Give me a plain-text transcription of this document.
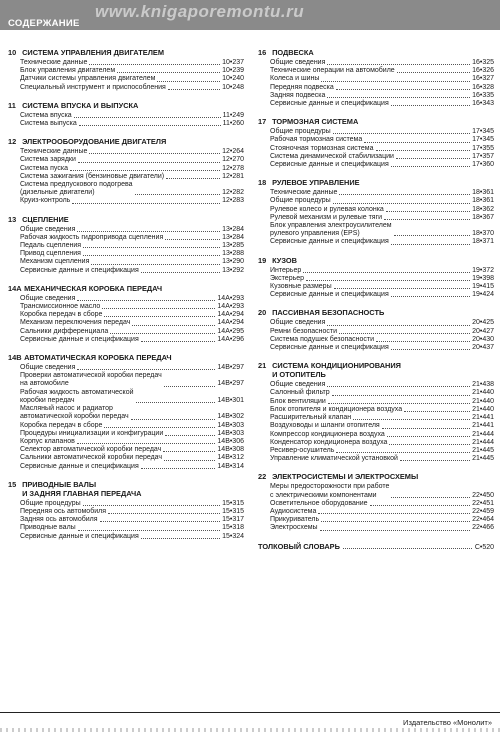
www.knigaporemontu.ru
СОДЕРЖАНИЕ
10 СИСТЕМА УПРАВЛЕНИЯ ДВИГАТЕЛЕМ
Технические данные	10•237
Блок управления двигателем	10•239
Датчики системы управления двигателем	10•240
Специальный инструмент и приспособления	10•248
11 СИСТЕМА ВПУСКА И ВЫПУСКА
Система впуска	11•249
Система выпуска	11•260
12 ЭЛЕКТРООБОРУДОВАНИЕ ДВИГАТЕЛЯ
Технические данные	12•264
Система зарядки	12•270
Система пуска	12•278
Система зажигания (бензиновые двигатели)	12•281
Система предпускового подогрева
(дизельные двигатели)	12•282
Круиз-контроль	12•283
13 СЦЕПЛЕНИЕ
Общие сведения	13•284
Рабочая жидкость гидропривода сцепления	13•284
Педаль сцепления	13•285
Привод сцепления	13•288
Механизм сцепления	13•290
Сервисные данные и спецификация	13•292
14A МЕХАНИЧЕСКАЯ КОРОБКА ПЕРЕДАЧ
Общие сведения	14A•293
Трансмиссионное масло	14A•293
Коробка передач в сборе	14A•294
Механизм переключения передач	14A•294
Сальники дифференциала	14A•295
Сервисные данные и спецификация	14A•296
14B АВТОМАТИЧЕСКАЯ КОРОБКА ПЕРЕДАЧ
Общие сведения	14B•297
Проверки автоматической коробки передач
на автомобиле	14B•297
Рабочая жидкость автоматической
коробки передач	14B•301
Масляный насос и радиатор
автоматической коробки передач	14B•302
Коробка передач в сборе	14B•303
Процедуры инициализации и конфигурации	14B•303
Корпус клапанов	14B•306
Селектор автоматической коробки передач	14B•308
Сальники автоматической коробки передач	14B•312
Сервисные данные и спецификация	14B•314
15 ПРИВОДНЫЕ ВАЛЫ
И ЗАДНЯЯ ГЛАВНАЯ ПЕРЕДАЧА
Общие процедуры	15•315
Передняя ось автомобиля	15•315
Задняя ось автомобиля	15•317
Приводные валы	15•318
Сервисные данные и спецификация	15•324
16 ПОДВЕСКА
Общие сведения	16•325
Технические операции на автомобиле	16•326
Колеса и шины	16•327
Передняя подвеска	16•328
Задняя подвеска	16•335
Сервисные данные и спецификация	16•343
17 ТОРМОЗНАЯ СИСТЕМА
Общие процедуры	17•345
Рабочая тормозная система	17•345
Стояночная тормозная система	17•355
Система динамической стабилизации	17•357
Сервисные данные и спецификация	17•360
18 РУЛЕВОЕ УПРАВЛЕНИЕ
Технические данные	18•361
Общие процедуры	18•361
Рулевое колесо и рулевая колонка	18•362
Рулевой механизм и рулевые тяги	18•367
Блок управления электроусилителем
рулевого управления (EPS)	18•370
Сервисные данные и спецификация	18•371
19 КУЗОВ
Интерьер	19•372
Экстерьер	19•398
Кузовные размеры	19•415
Сервисные данные и спецификация	19•424
20 ПАССИВНАЯ БЕЗОПАСНОСТЬ
Общие сведения	20•425
Ремни безопасности	20•427
Система подушек безопасности	20•430
Сервисные данные и спецификация	20•437
21 СИСТЕМА КОНДИЦИОНИРОВАНИЯ
И ОТОПИТЕЛЬ
Общие сведения	21•438
Салонный фильтр	21•440
Блок вентиляции	21•440
Блок отопителя и кондиционера воздуха	21•440
Расширительный клапан	21•441
Воздуховоды и шланги отопителя	21•441
Компрессор кондиционера воздуха	21•444
Конденсатор кондиционера воздуха	21•444
Ресивер-осушитель	21•445
Управление климатической установкой	21•445
22 ЭЛЕКТРОСИСТЕМЫ И ЭЛЕКТРОСХЕМЫ
Меры предосторожности при работе
с электрическими компонентами	22•450
Осветительное оборудование	22•451
Аудиосистема	22•459
Прикуриватель	22•464
Электросхемы	22•466
ТОЛКОВЫЙ СЛОВАРЬ	C•520
Издательство «Монолит»
